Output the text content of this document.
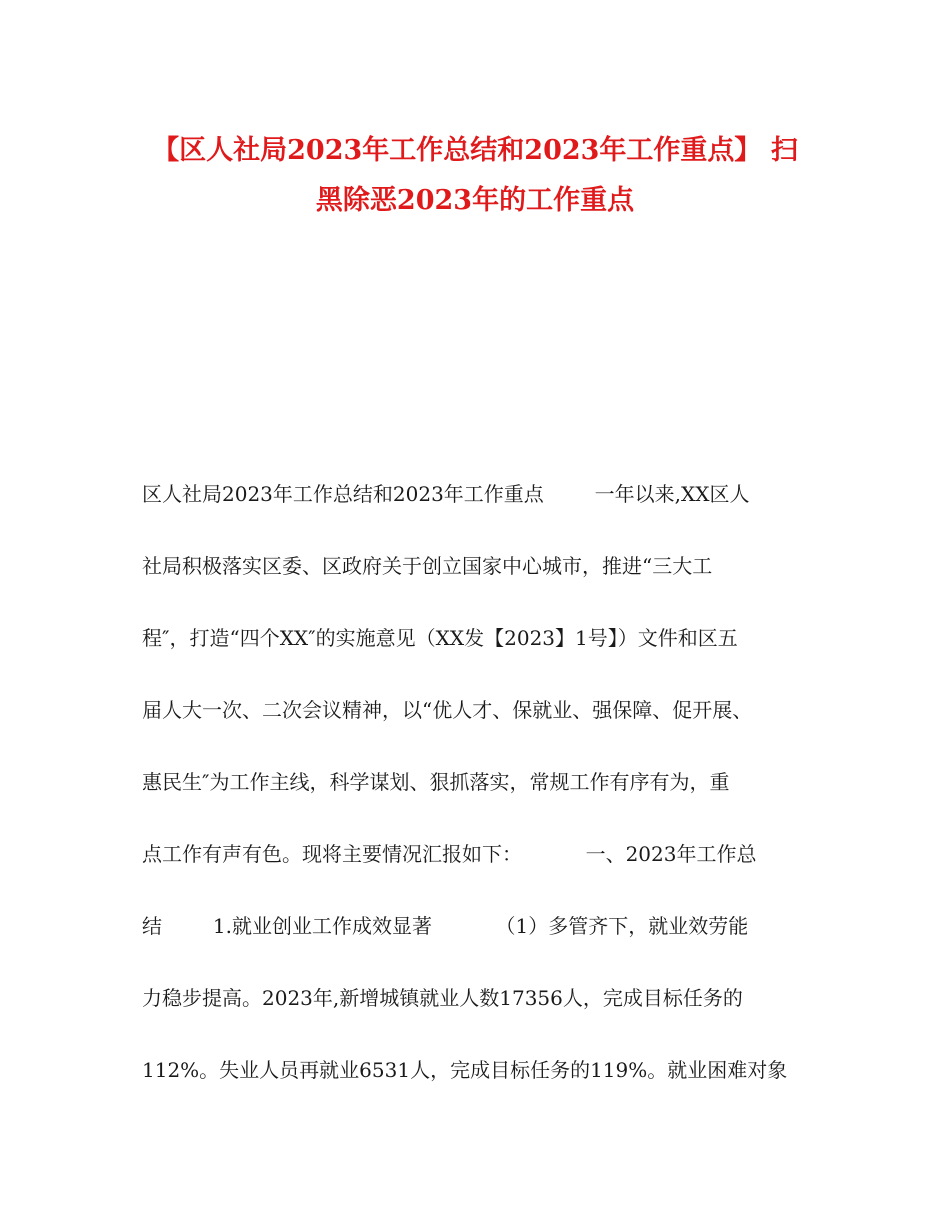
【区人社局2023年工作总结和2023年工作重点】 扫
黑除恶2023年的工作重点
区人社局2023年工作总结和2023年工作重点        一年以来,XX区人
社局积极落实区委、区政府关于创立国家中心城市，推进“三大工
程″，打造“四个XX″的实施意见（XX发【2023】1号】）文件和区五
届人大一次、二次会议精神，以“优人才、保就业、强保障、促开展、
惠民生″为工作主线，科学谋划、狠抓落实，常规工作有序有为，重
点工作有声有色。现将主要情况汇报如下：          一、2023年工作总
结        1.就业创业工作成效显著          （1）多管齐下，就业效劳能
力稳步提高。2023年,新增城镇就业人数17356人，完成目标任务的
112%。失业人员再就业6531人，完成目标任务的119%。就业困难对象
